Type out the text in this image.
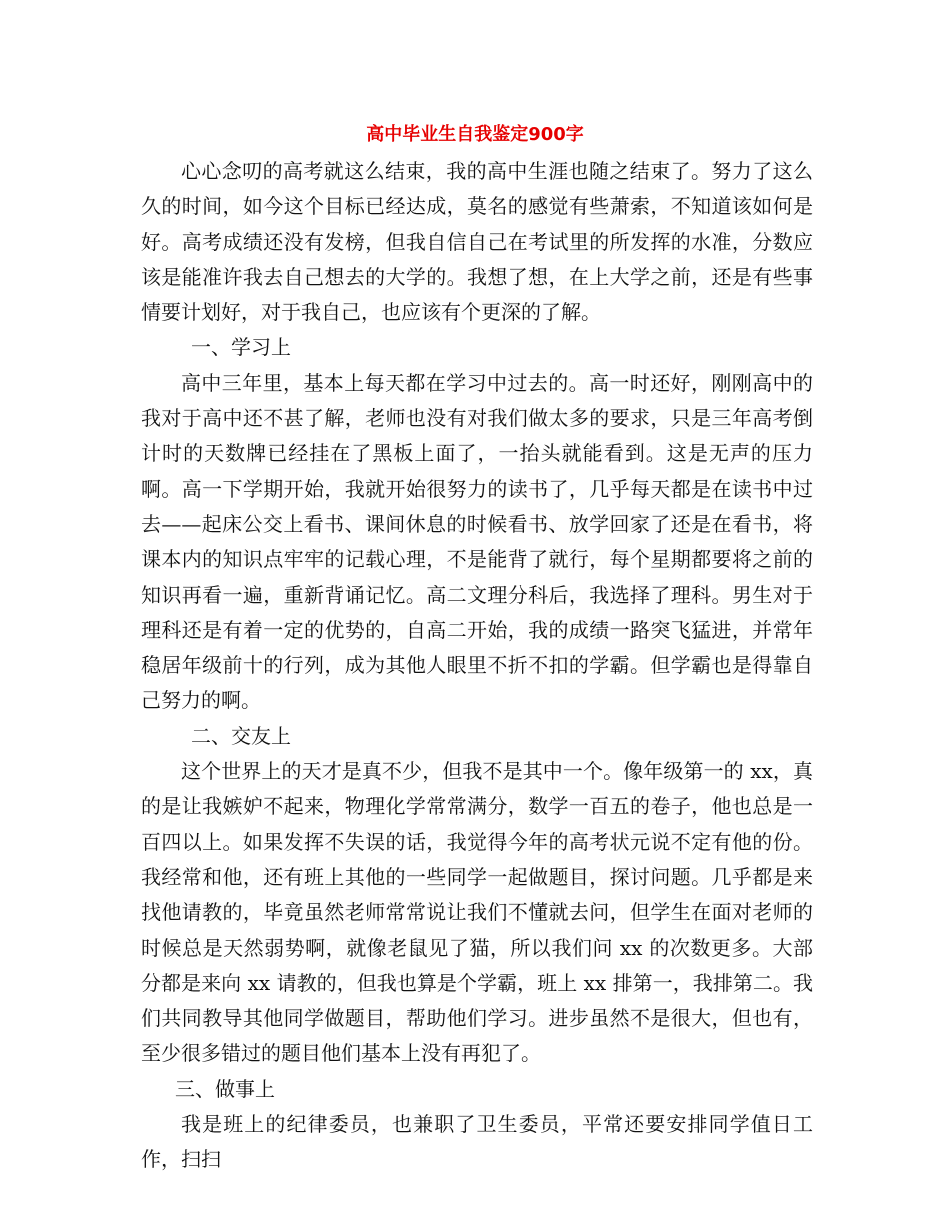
高中毕业生自我鉴定900字

心心念叨的高考就这么结束，我的高中生涯也随之结束了。努力了这么久的时间，如今这个目标已经达成，莫名的感觉有些萧索，不知道该如何是好。高考成绩还没有发榜，但我自信自己在考试里的所发挥的水准，分数应该是能准许我去自己想去的大学的。我想了想，在上大学之前，还是有些事情要计划好，对于我自己，也应该有个更深的了解。

一、学习上

高中三年里，基本上每天都在学习中过去的。高一时还好，刚刚高中的我对于高中还不甚了解，老师也没有对我们做太多的要求，只是三年高考倒计时的天数牌已经挂在了黑板上面了，一抬头就能看到。这是无声的压力啊。高一下学期开始，我就开始很努力的读书了，几乎每天都是在读书中过去——起床公交上看书、课间休息的时候看书、放学回家了还是在看书，将课本内的知识点牢牢的记载心理，不是能背了就行，每个星期都要将之前的知识再看一遍，重新背诵记忆。高二文理分科后，我选择了理科。男生对于理科还是有着一定的优势的，自高二开始，我的成绩一路突飞猛进，并常年稳居年级前十的行列，成为其他人眼里不折不扣的学霸。但学霸也是得靠自己努力的啊。

二、交友上

这个世界上的天才是真不少，但我不是其中一个。像年级第一的 xx，真的是让我嫉妒不起来，物理化学常常满分，数学一百五的卷子，他也总是一百四以上。如果发挥不失误的话，我觉得今年的高考状元说不定有他的份。我经常和他，还有班上其他的一些同学一起做题目，探讨问题。几乎都是来找他请教的，毕竟虽然老师常常说让我们不懂就去问，但学生在面对老师的时候总是天然弱势啊，就像老鼠见了猫，所以我们问 xx 的次数更多。大部分都是来向 xx 请教的，但我也算是个学霸，班上 xx 排第一，我排第二。我们共同教导其他同学做题目，帮助他们学习。进步虽然不是很大，但也有，至少很多错过的题目他们基本上没有再犯了。

三、做事上

我是班上的纪律委员，也兼职了卫生委员，平常还要安排同学值日工作，扫扫
